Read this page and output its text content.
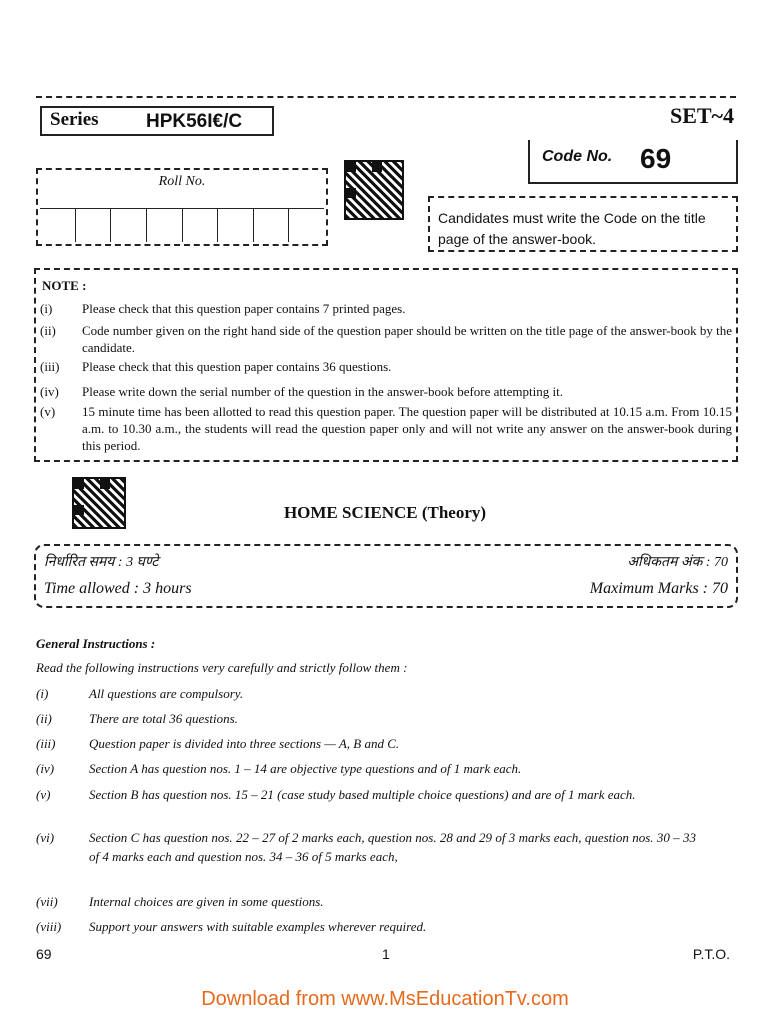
Series HPK56I€/C	SET~4
Code No. 69
Roll No.
Candidates must write the Code on the title page of the answer-book.
NOTE :
(i)	Please check that this question paper contains 7 printed pages.
(ii)	Code number given on the right hand side of the question paper should be written on the title page of the answer-book by the candidate.
(iii)	Please check that this question paper contains 36 questions.
(iv)	Please write down the serial number of the question in the answer-book before attempting it.
(v)	15 minute time has been allotted to read this question paper. The question paper will be distributed at 10.15 a.m. From 10.15 a.m. to 10.30 a.m., the students will read the question paper only and will not write any answer on the answer-book during this period.
HOME SCIENCE (Theory)
निर्धारित समय : 3 घण्टे	अधिकतम अंक : 70
Time allowed : 3 hours	Maximum Marks : 70
General Instructions :
Read the following instructions very carefully and strictly follow them :
(i)	All questions are compulsory.
(ii)	There are total 36 questions.
(iii)	Question paper is divided into three sections — A, B and C.
(iv)	Section A has question nos. 1 – 14 are objective type questions and of 1 mark each.
(v)	Section B has question nos. 15 – 21 (case study based multiple choice questions) and are of 1 mark each.
(vi)	Section C has question nos. 22 – 27 of 2 marks each, question nos. 28 and 29 of 3 marks each, question nos. 30 – 33 of 4 marks each and question nos. 34 – 36 of 5 marks each,
(vii)	Internal choices are given in some questions.
(viii)	Support your answers with suitable examples wherever required.
69	1	P.T.O.
Download from www.MsEducationTv.com
